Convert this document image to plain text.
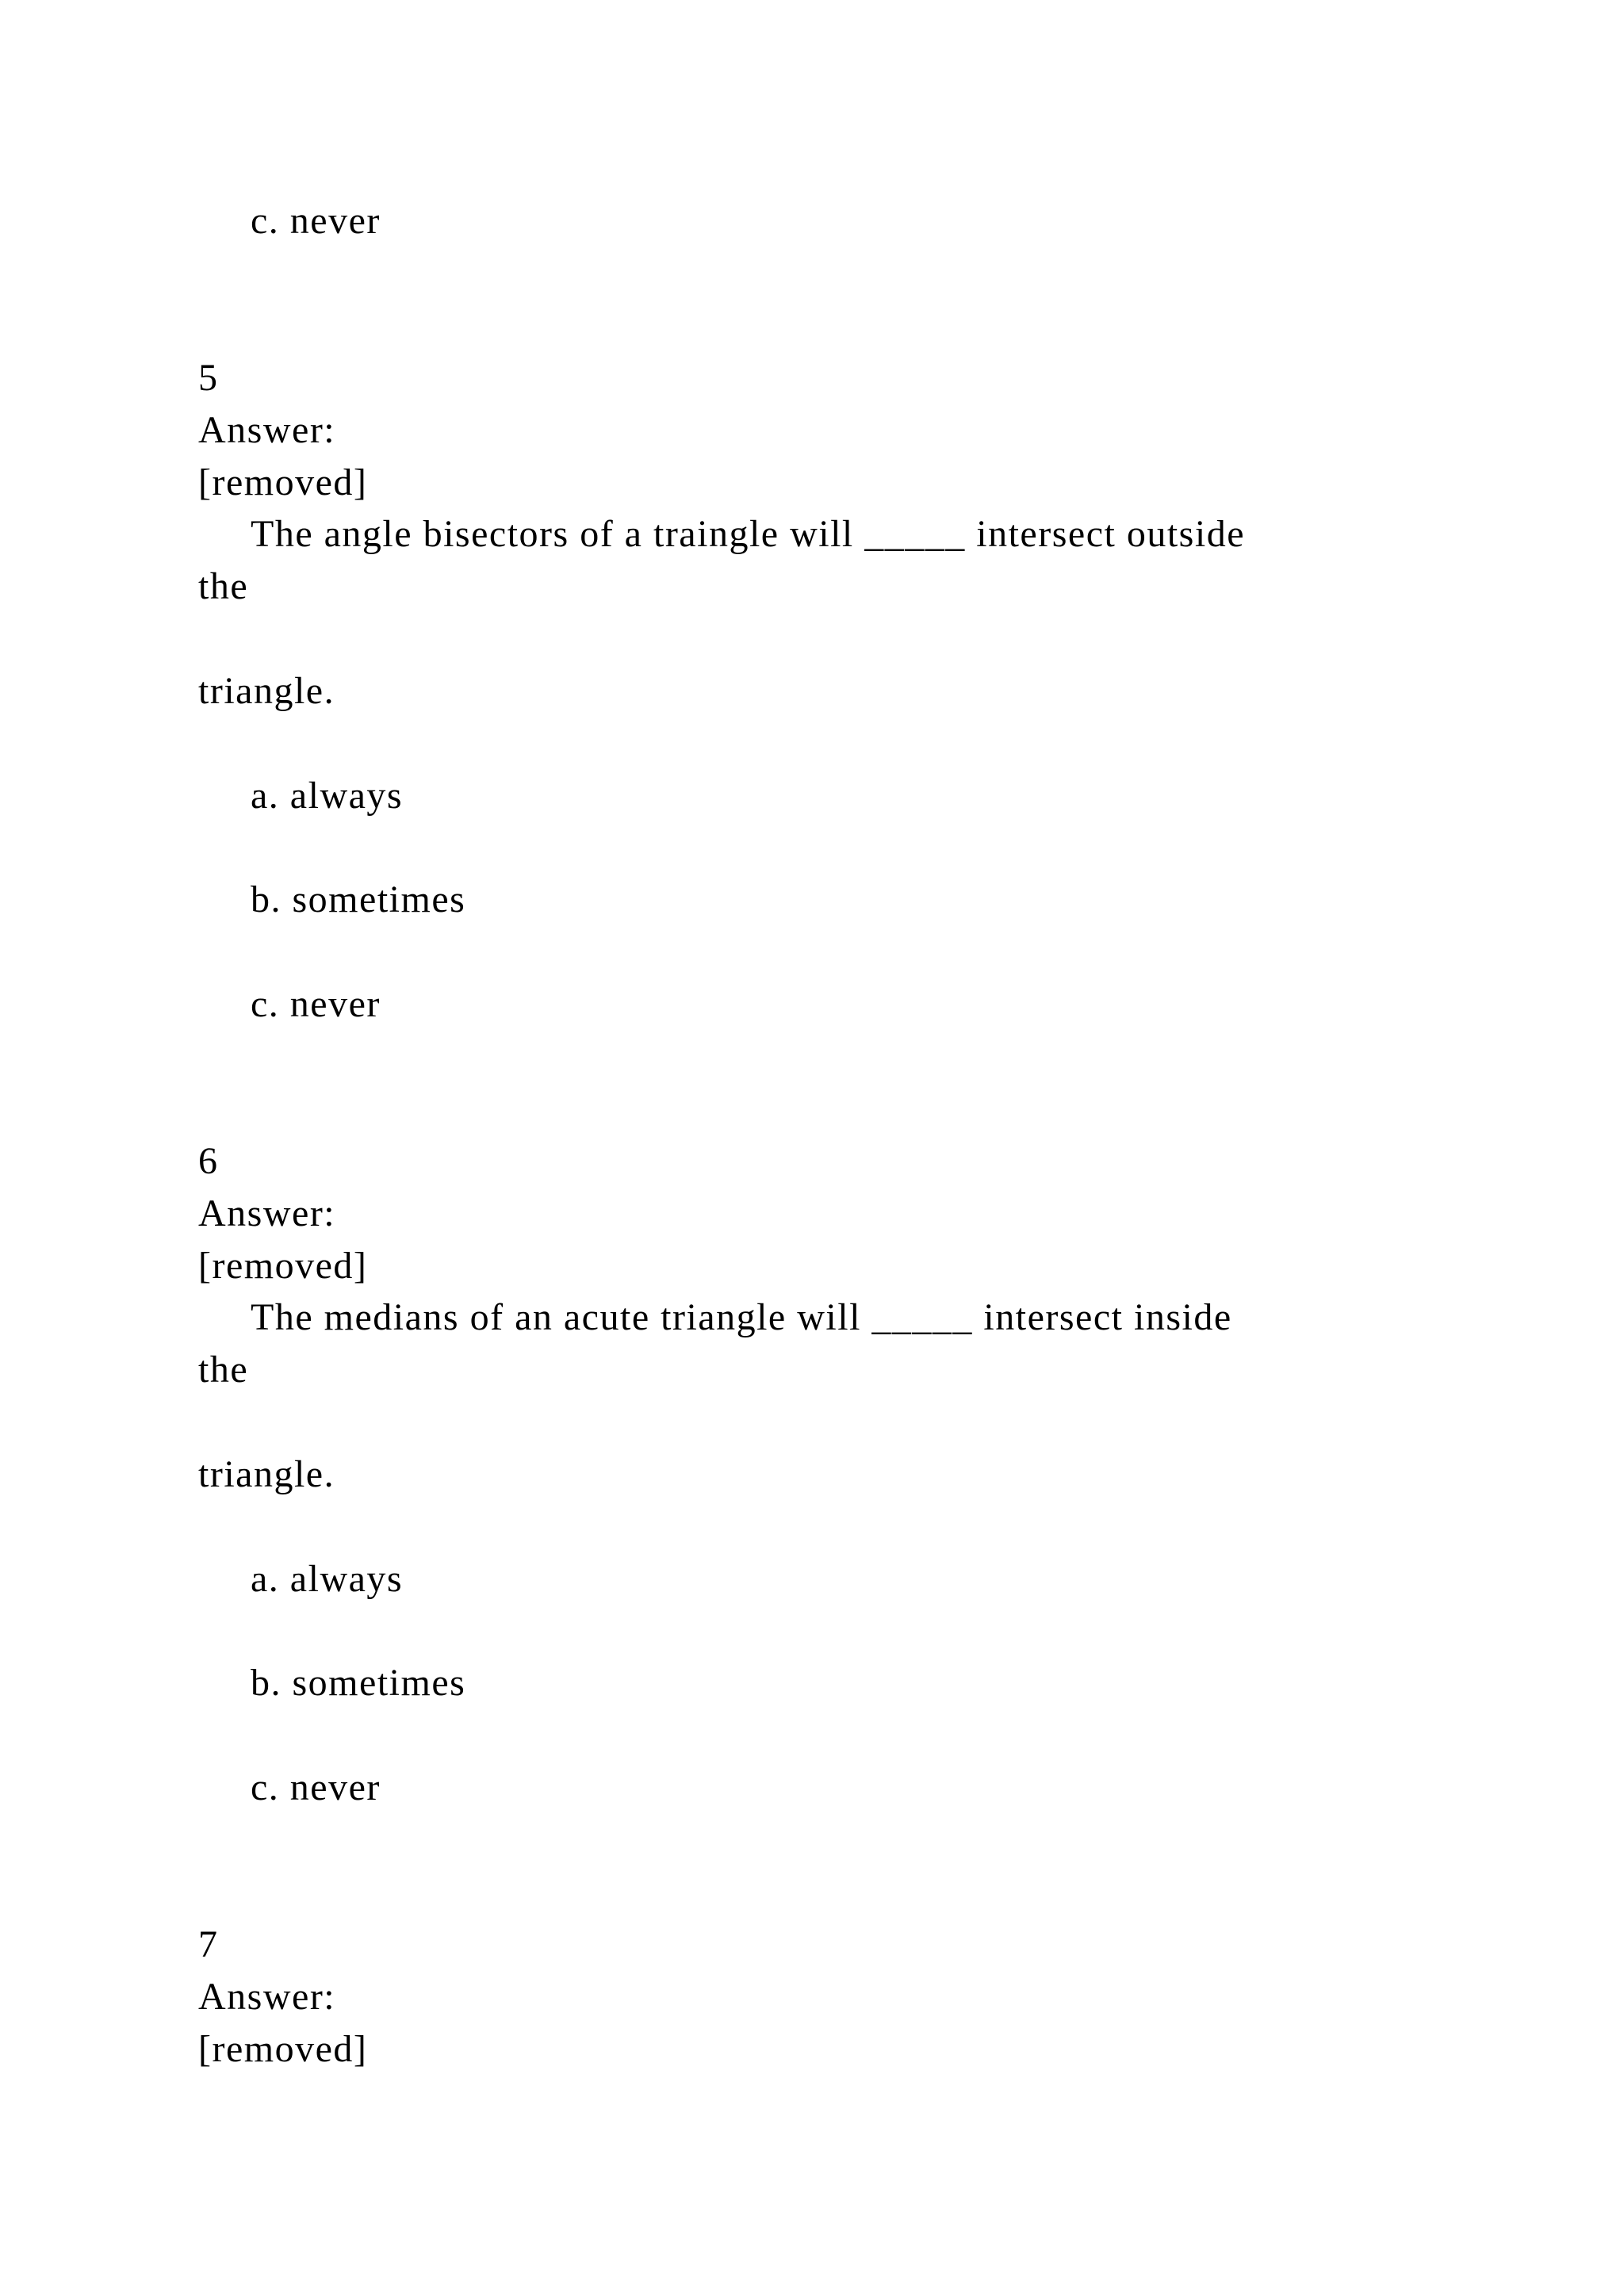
c. never
5
Answer:
[removed]
The angle bisectors of a traingle will _____ intersect outside
the
triangle.
a. always
b. sometimes
c. never
6
Answer:
[removed]
The medians of an acute triangle will _____ intersect inside
the
triangle.
a. always
b. sometimes
c. never
7
Answer:
[removed]
